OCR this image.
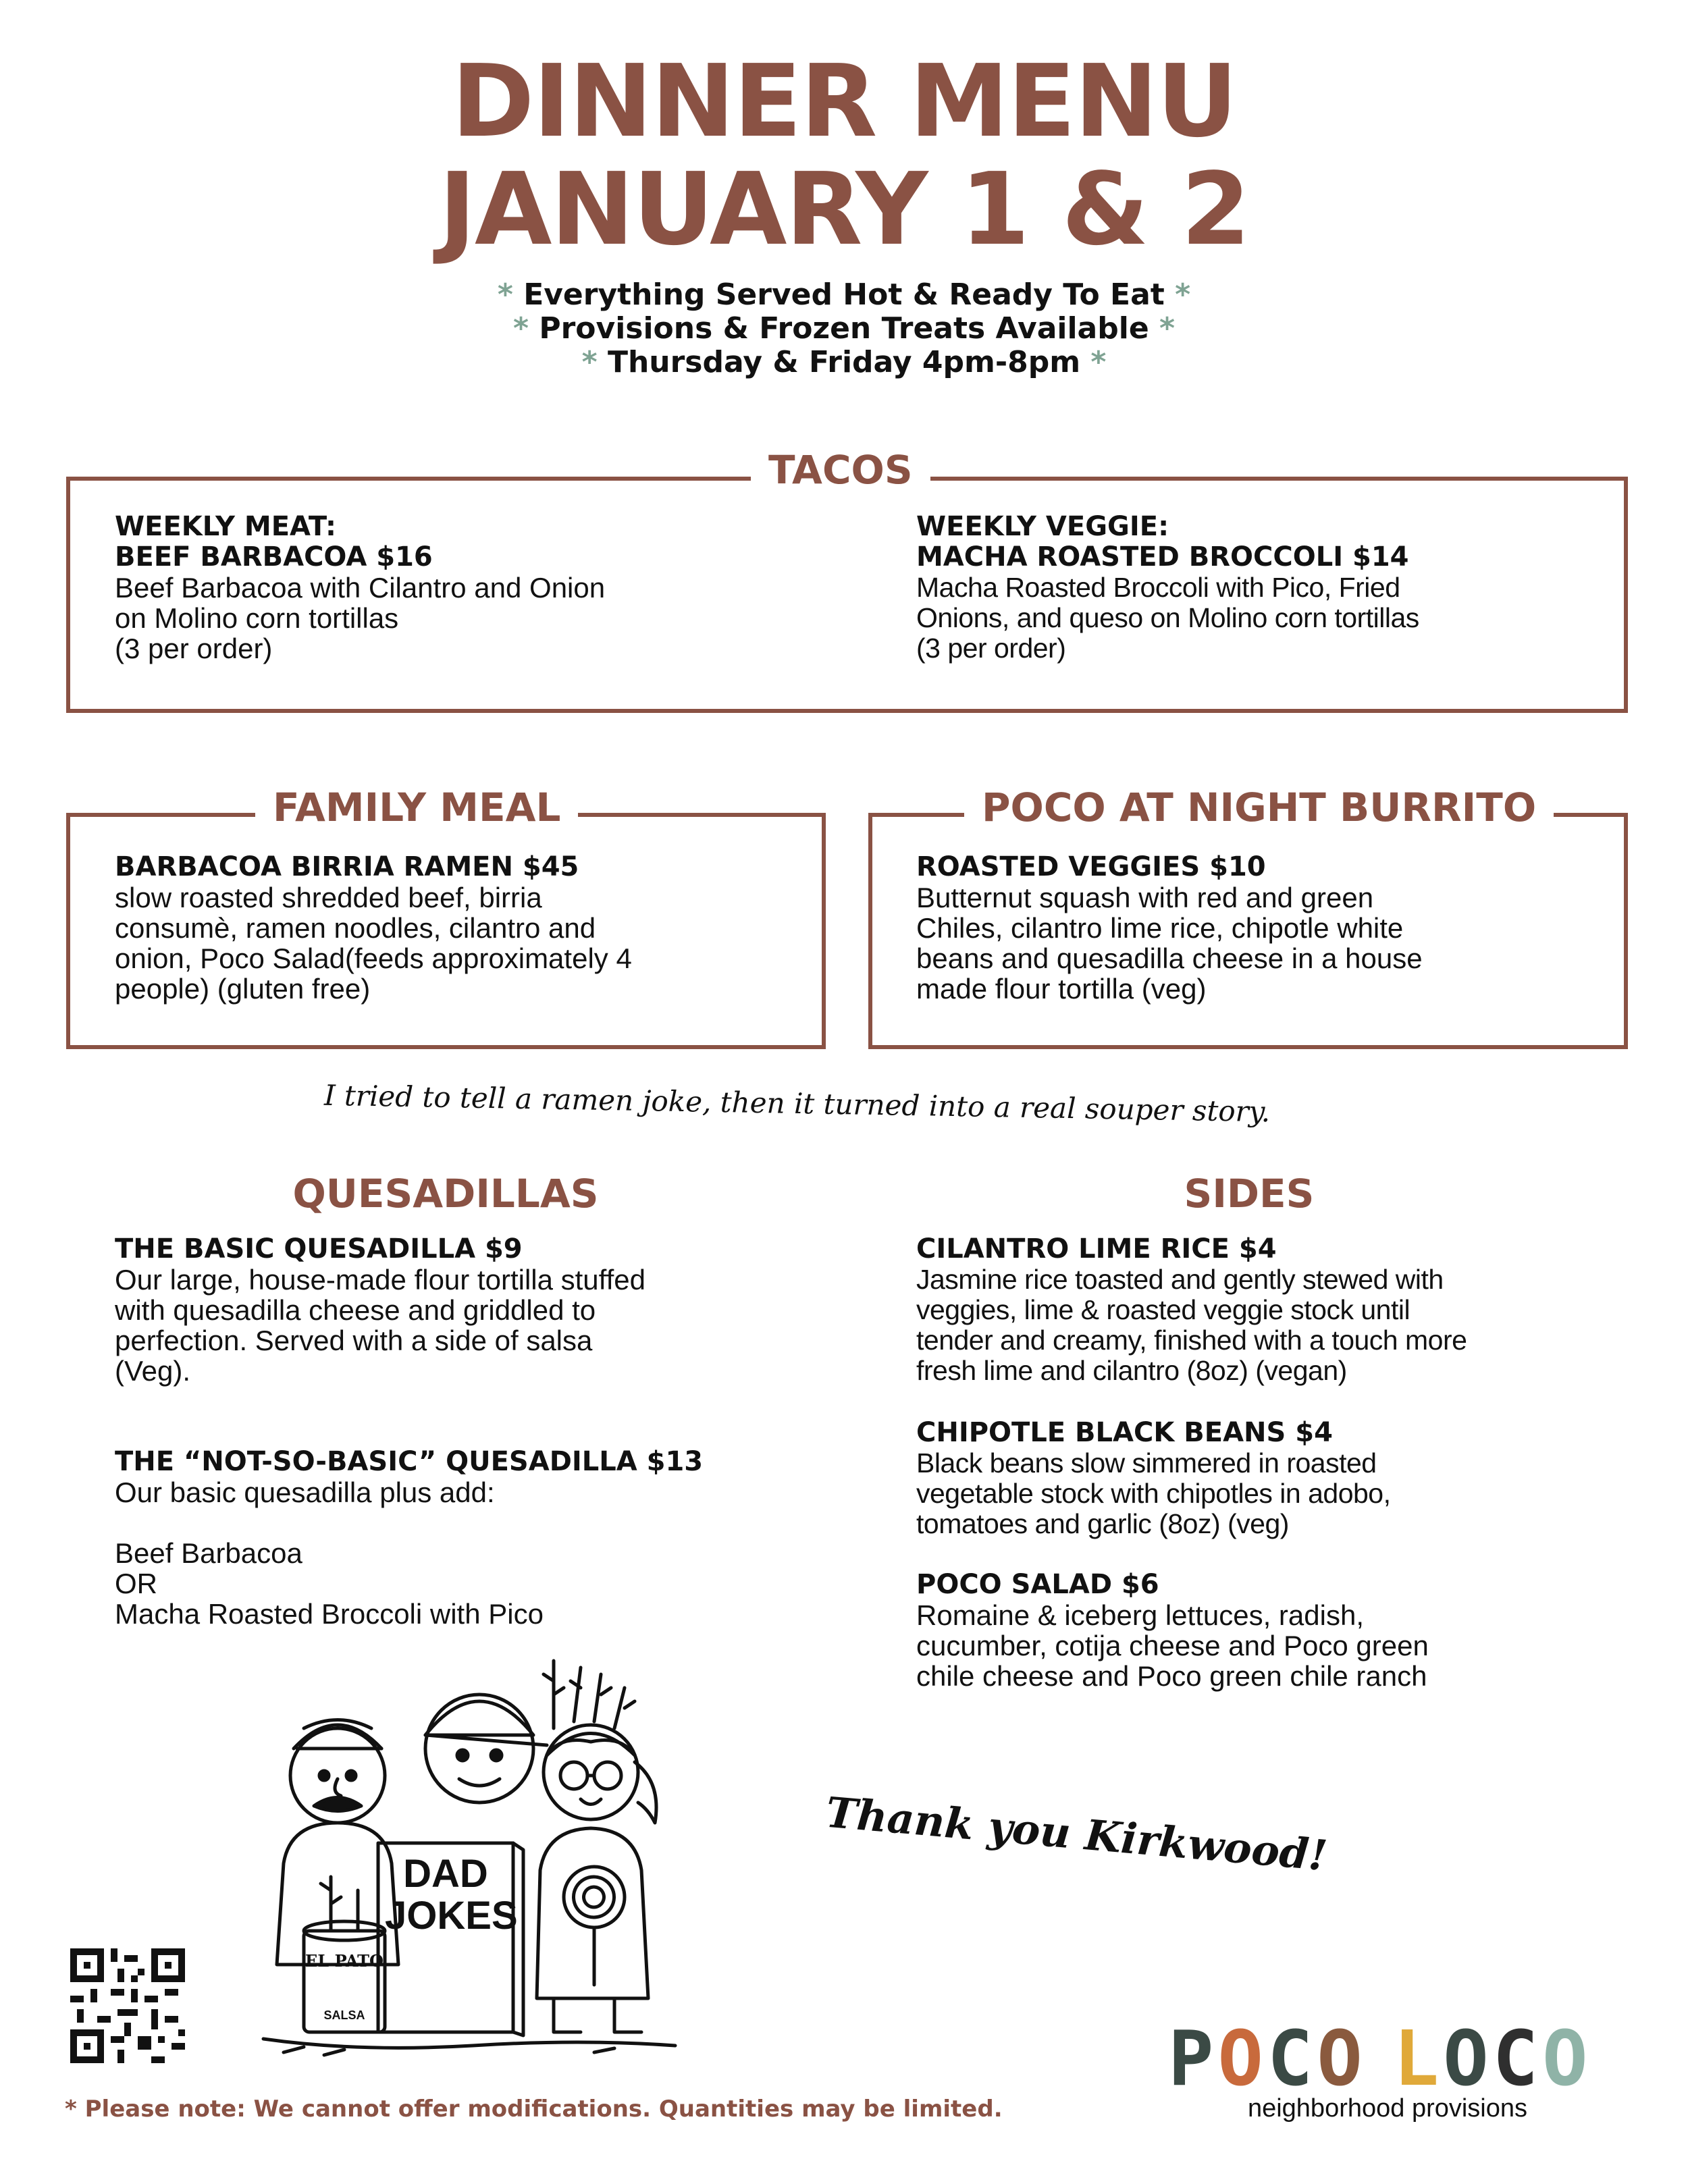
DINNER MENU
JANUARY 1 & 2
* Everything Served Hot & Ready To Eat *
* Provisions & Frozen Treats Available *
* Thursday & Friday 4pm-8pm *
TACOS
WEEKLY MEAT:
BEEF BARBACOA $16
Beef Barbacoa with Cilantro and Onion
on Molino corn tortillas
(3 per order)
WEEKLY VEGGIE:
MACHA ROASTED BROCCOLI $14
Macha Roasted Broccoli with Pico, Fried
Onions, and queso on Molino corn tortillas
(3 per order)
FAMILY MEAL
BARBACOA BIRRIA RAMEN $45
slow roasted shredded beef, birria
consumè, ramen noodles, cilantro and
onion, Poco Salad(feeds approximately 4
people) (gluten free)
POCO AT NIGHT BURRITO
ROASTED VEGGIES $10
Butternut squash with red and green
Chiles, cilantro lime rice, chipotle white
beans and quesadilla cheese in a house
made flour tortilla (veg)
I tried to tell a ramen joke, then it turned into a real souper story.
QUESADILLAS
THE BASIC QUESADILLA $9
Our large, house-made flour tortilla stuffed
with quesadilla cheese and griddled to
perfection. Served with a side of salsa
(Veg).
THE “NOT-SO-BASIC” QUESADILLA $13
Our basic quesadilla plus add:
Beef Barbacoa
OR
Macha Roasted Broccoli with Pico
SIDES
CILANTRO LIME RICE $4
Jasmine rice toasted and gently stewed with
veggies, lime & roasted veggie stock until
tender and creamy, finished with a touch more
fresh lime and cilantro (8oz) (vegan)
CHIPOTLE BLACK BEANS $4
Black beans slow simmered in roasted
vegetable stock with chipotles in adobo,
tomatoes and garlic (8oz) (veg)
POCO SALAD $6
Romaine & iceberg lettuces, radish,
cucumber, cotija cheese and Poco green
chile cheese and Poco green chile ranch
DAD
JOKES
EL PATO
SALSA
Thank you Kirkwood!
POCO LOCO
neighborhood provisions
* Please note: We cannot offer modifications. Quantities may be limited.
